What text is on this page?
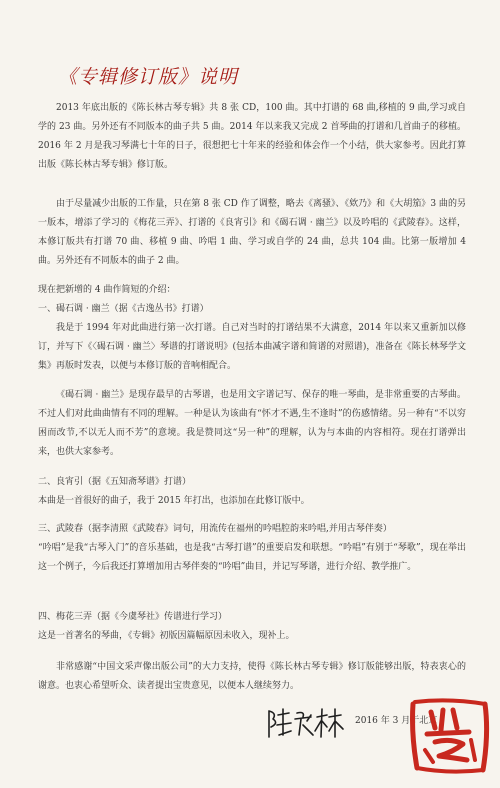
《专辑修订版》说明

2013 年底出版的《陈长林古琴专辑》共 8 张 CD，100 曲。其中打谱的 68 曲,移植的 9 曲,学习或自学的 23 曲。另外还有不同版本的曲子共 5 曲。2014 年以来我又完成 2 首琴曲的打谱和几首曲子的移植。2016 年 2 月是我习琴满七十年的日子，很想把七十年来的经验和体会作一个小结，供大家参考。因此打算出版《陈长林古琴专辑》修订版。

由于尽量减少出版的工作量，只在第 8 张 CD 作了调整，略去《离骚》、《欸乃》和《大胡笳》3 曲的另一版本，增添了学习的《梅花三弄》、打谱的《良宵引》和《碣石调 · 幽兰》以及吟唱的《武陵春》。这样，本修订版共有打谱 70 曲、移植 9 曲、吟唱 1 曲、学习或自学的 24 曲，总共 104 曲。比第一版增加 4 曲。另外还有不同版本的曲子 2 曲。

现在把新增的 4 曲作简短的介绍：

一、碣石调 · 幽兰（据《古逸丛书》打谱）

我是于 1994 年对此曲进行第一次打谱。自己对当时的打谱结果不大满意，2014 年以来又重新加以修订，并写下《〈碣石调 · 幽兰〉琴谱的打谱说明》(包括本曲减字谱和简谱的对照谱)，准备在《陈长林琴学文集》再版时发表，以便与本修订版的音响相配合。

《碣石调 · 幽兰》是现存最早的古琴谱，也是用文字谱记写、保存的唯一琴曲，是非常重要的古琴曲。不过人们对此曲曲情有不同的理解。一种是认为该曲有“怀才不遇,生不逢时”的伤感情绪。另一种有“不以穷困而改节,不以无人而不芳”的意境。我是赞同这“另一种”的理解，认为与本曲的内容相符。现在打谱弹出来，也供大家参考。

二、良宵引（据《五知斋琴谱》打谱）

本曲是一首很好的曲子，我于 2015 年打出，也添加在此修订版中。

三、武陵春（据李清照《武陵春》词句，用流传在福州的吟唱腔韵来吟唱,并用古琴伴奏）

“吟唱”是我“古琴入门”的音乐基础，也是我“古琴打谱”的重要启发和联想。“吟唱”有别于“琴歌”，现在举出这一个例子，今后我还打算增加用古琴伴奏的“吟唱”曲目，并记写琴谱，进行介绍、教学推广。

四、梅花三弄（据《今虞琴社》传谱进行学习）

这是一首著名的琴曲，《专辑》初版因篇幅原因未收入，现补上。

非常感谢“中国文采声像出版公司”的大力支持，使得《陈长林古琴专辑》修订版能够出版，特表衷心的谢意。也衷心希望听众、读者提出宝贵意见，以便本人继续努力。

2016 年 3 月于北京
